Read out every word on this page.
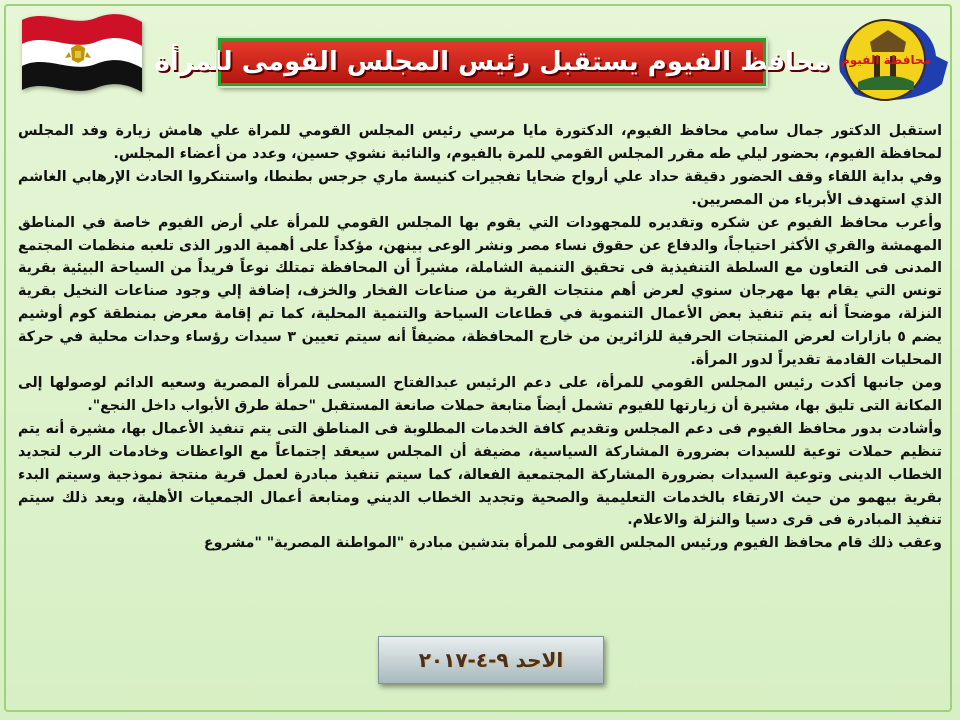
محافظة الفيوم
محافظ الفيوم يستقبل رئيس المجلس القومى للمرأة

استقبل الدكتور جمال سامي محافظ الفيوم، الدكتورة مايا مرسي رئيس المجلس القومي للمراة علي هامش زيارة وفد المجلس لمحافظة الفيوم، بحضور ليلي طه مقرر المجلس القومي للمرة بالفيوم، والنائبة نشوي حسين، وعدد من أعضاء المجلس.

وفي بداية اللقاء وقف الحضور دقيقة حداد علي أرواح ضحايا تفجيرات كنيسة ماري جرجس بطنطا، واستنكروا الحادث الإرهابي الغاشم الذي استهدف الأبرياء من المصريين.

وأعرب محافظ الفيوم عن شكره وتقديره للمجهودات التي يقوم بها المجلس القومي للمرأة علي أرض الفيوم خاصة في المناطق المهمشة والقري الأكثر احتياجاً، والدفاع عن حقوق نساء مصر ونشر الوعى بينهن، مؤكداً على أهمية الدور الذى تلعبه منظمات المجتمع المدنى فى التعاون مع السلطة التنفيذية فى تحقيق التنمية الشاملة، مشيراً أن المحافظة تمتلك نوعاً فريداً من السياحة البيئية بقرية تونس التي يقام بها مهرجان سنوي لعرض أهم منتجات القرية من صناعات الفخار والخزف، إضافة إلي وجود صناعات النخيل بقرية النزلة، موضحاً أنه يتم تنفيذ بعض الأعمال التنموية في قطاعات السياحة والتنمية المحلية، كما تم إقامة معرض بمنطقة كوم أوشيم يضم ٥ بازارات لعرض المنتجات الحرفية للزائرين من خارج المحافظة، مضيفاً أنه سيتم تعيين ٣ سيدات رؤساء وحدات محلية في حركة المحليات القادمة تقديراً لدور المرأة.

ومن جانبها أكدت رئيس المجلس القومي للمرأة، على دعم الرئيس عبدالفتاح السيسى للمرأة المصرية وسعيه الدائم لوصولها إلى المكانة التى تليق بها، مشيرة أن زيارتها للفيوم تشمل أيضاً متابعة حملات صانعة المستقبل "حملة طرق الأبواب داخل النجع".

وأشادت بدور محافظ الفيوم فى دعم المجلس وتقديم كافة الخدمات المطلوبة فى المناطق التى يتم تنفيذ الأعمال بها، مشيرة أنه يتم تنظيم حملات توعية للسيدات بضرورة المشاركة السياسية، مضيفة أن المجلس سيعقد إجتماعاً مع الواعظات وخادمات الرب لتجديد الخطاب الدينى وتوعية السيدات بضرورة المشاركة المجتمعية الفعالة، كما سيتم تنفيذ مبادرة لعمل قرية منتجة نموذجية وسيتم البدء بقرية بيهمو من حيث الارتقاء بالخدمات التعليمية والصحية وتجديد الخطاب الديني ومتابعة أعمال الجمعيات الأهلية، وبعد ذلك سيتم تنفيذ المبادرة فى قرى دسيا والنزلة والاعلام.

وعقب ذلك قام محافظ الفيوم ورئيس المجلس القومى للمرأة بتدشين مبادرة "المواطنة المصرية" "مشروع

الاحد ٩-٤-٢٠١٧
